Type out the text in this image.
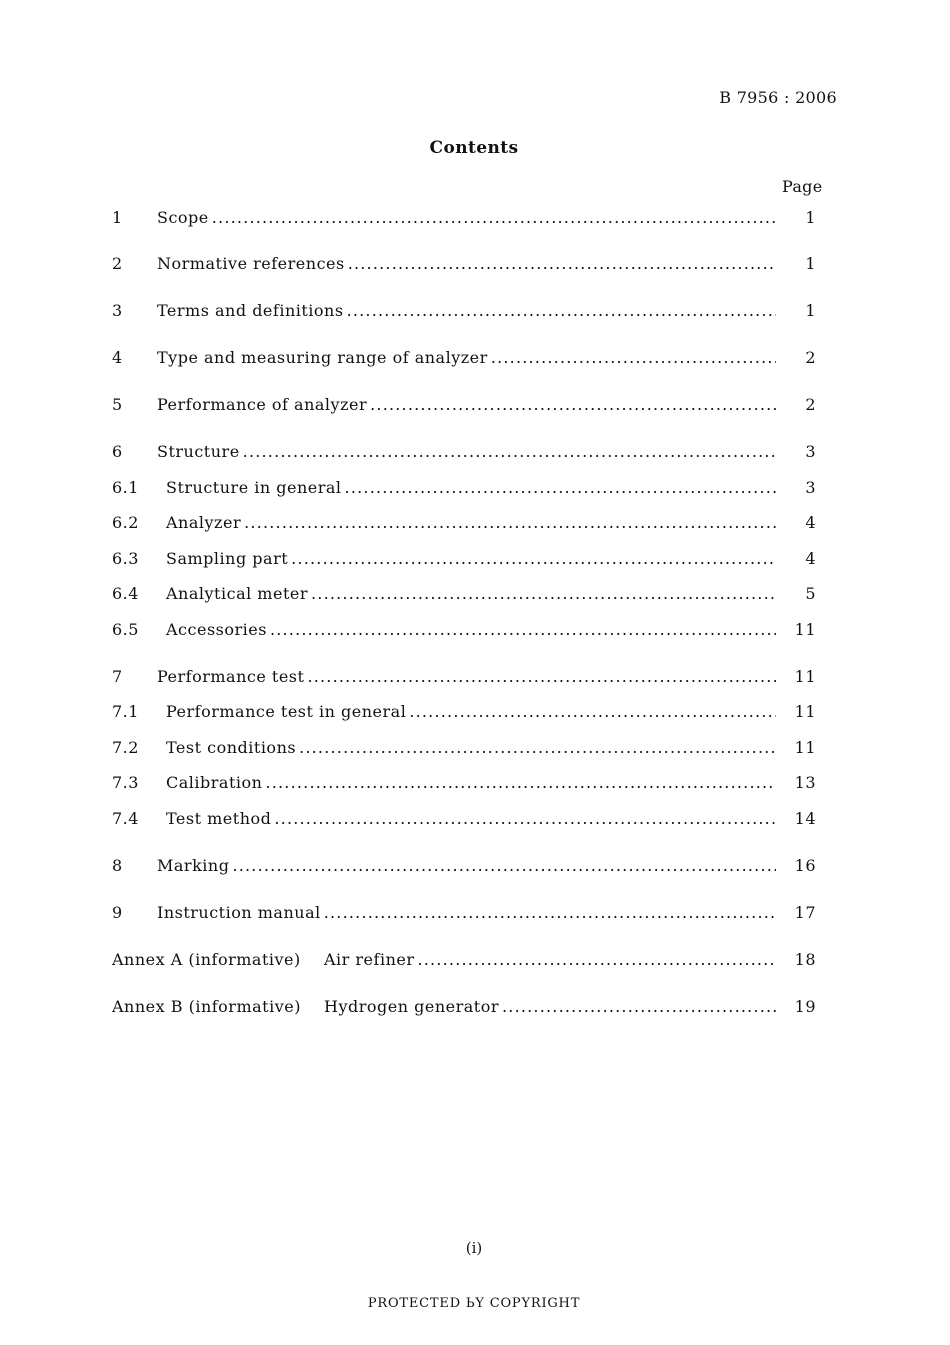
B 7956 : 2006
Contents
Page
1 Scope .....	1
2 Normative references .....	1
3 Terms and definitions .....	1
4 Type and measuring range of analyzer .....	2
5 Performance of analyzer .....	2
6 Structure .....	3
6.1 Structure in general .....	3
6.2 Analyzer .....	4
6.3 Sampling part .....	4
6.4 Analytical meter .....	5
6.5 Accessories .....	11
7 Performance test .....	11
7.1 Performance test in general .....	11
7.2 Test conditions .....	11
7.3 Calibration .....	13
7.4 Test method .....	14
8 Marking .....	16
9 Instruction manual .....	17
Annex A (informative) Air refiner .....	18
Annex B (informative) Hydrogen generator .....	19
(i)
PROTECTED ЬY COPYRIGHT
